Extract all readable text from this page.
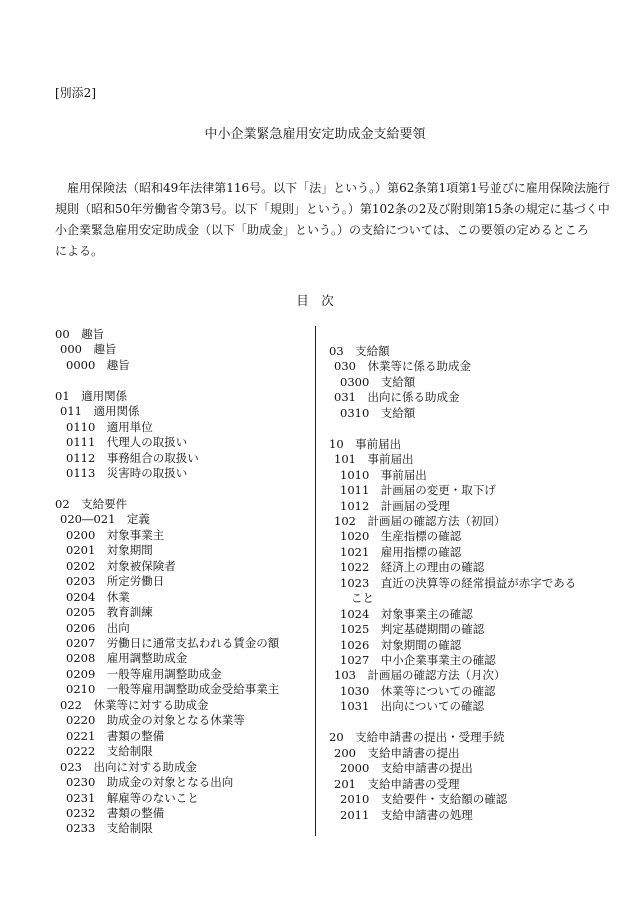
[別添2]
中小企業緊急雇用安定助成金支給要領
　雇用保険法（昭和49年法律第116号。以下「法」という。）第62条第1項第1号並びに雇用保険法施行
規則（昭和50年労働省令第3号。以下「規則」という。）第102条の2及び附則第15条の規定に基づく中
小企業緊急雇用安定助成金（以下「助成金」という。）の支給については、この要領の定めるところ
による。
目　次
00　趣旨
000　趣旨
0000　趣旨
01　適用関係
011　適用関係
0110　適用単位
0111　代理人の取扱い
0112　事務組合の取扱い
0113　災害時の取扱い
02　支給要件
020―021　定義
0200　対象事業主
0201　対象期間
0202　対象被保険者
0203　所定労働日
0204　休業
0205　教育訓練
0206　出向
0207　労働日に通常支払われる賃金の額
0208　雇用調整助成金
0209　一般等雇用調整助成金
0210　一般等雇用調整助成金受給事業主
022　休業等に対する助成金
0220　助成金の対象となる休業等
0221　書類の整備
0222　支給制限
023　出向に対する助成金
0230　助成金の対象となる出向
0231　解雇等のないこと
0232　書類の整備
0233　支給制限
03　支給額
030　休業等に係る助成金
0300　支給額
031　出向に係る助成金
0310　支給額
10　事前届出
101　事前届出
1010　事前届出
1011　計画届の変更・取下げ
1012　計画届の受理
102　計画届の確認方法（初回）
1020　生産指標の確認
1021　雇用指標の確認
1022　経済上の理由の確認
1023　直近の決算等の経常損益が赤字である
こと
1024　対象事業主の確認
1025　判定基礎期間の確認
1026　対象期間の確認
1027　中小企業事業主の確認
103　計画届の確認方法（月次）
1030　休業等についての確認
1031　出向についての確認
20　支給申請書の提出・受理手続
200　支給申請書の提出
2000　支給申請書の提出
201　支給申請書の受理
2010　支給要件・支給額の確認
2011　支給申請書の処理
